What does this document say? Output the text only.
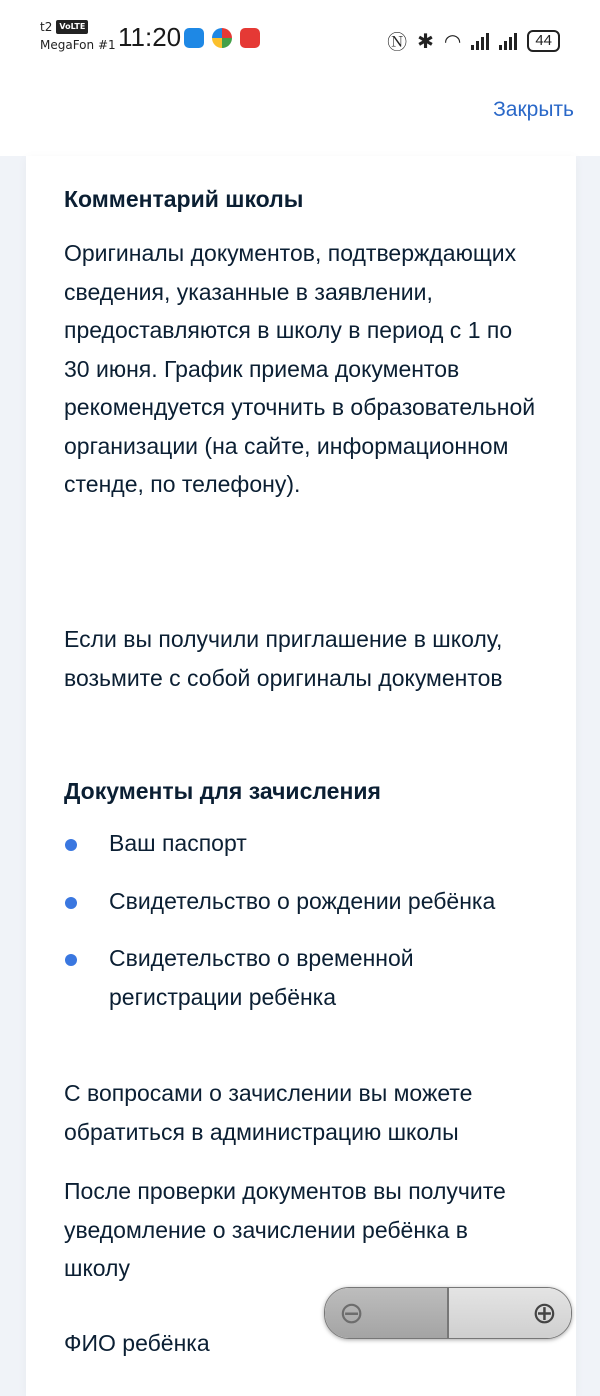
t2 VoLTE
MegaFon #1 11:20	Ⓝ ✱ ◠	44
Закрыть
Комментарий школы

Оригиналы документов, подтверждающих сведения, указанные в заявлении, предоставляются в школу в период с 1 по 30 июня. График приема документов рекомендуется уточнить в образовательной организации (на сайте, информационном стенде, по телефону).

Если вы получили приглашение в школу, возьмите с собой оригиналы документов

Документы для зачисления
Ваш паспорт
Свидетельство о рождении ребёнка
Свидетельство о временной регистрации ребёнка

С вопросами о зачислении вы можете обратиться в администрацию школы

После проверки документов вы получите уведомление о зачислении ребёнка в школу

ФИО ребёнка
⊖	⊕
